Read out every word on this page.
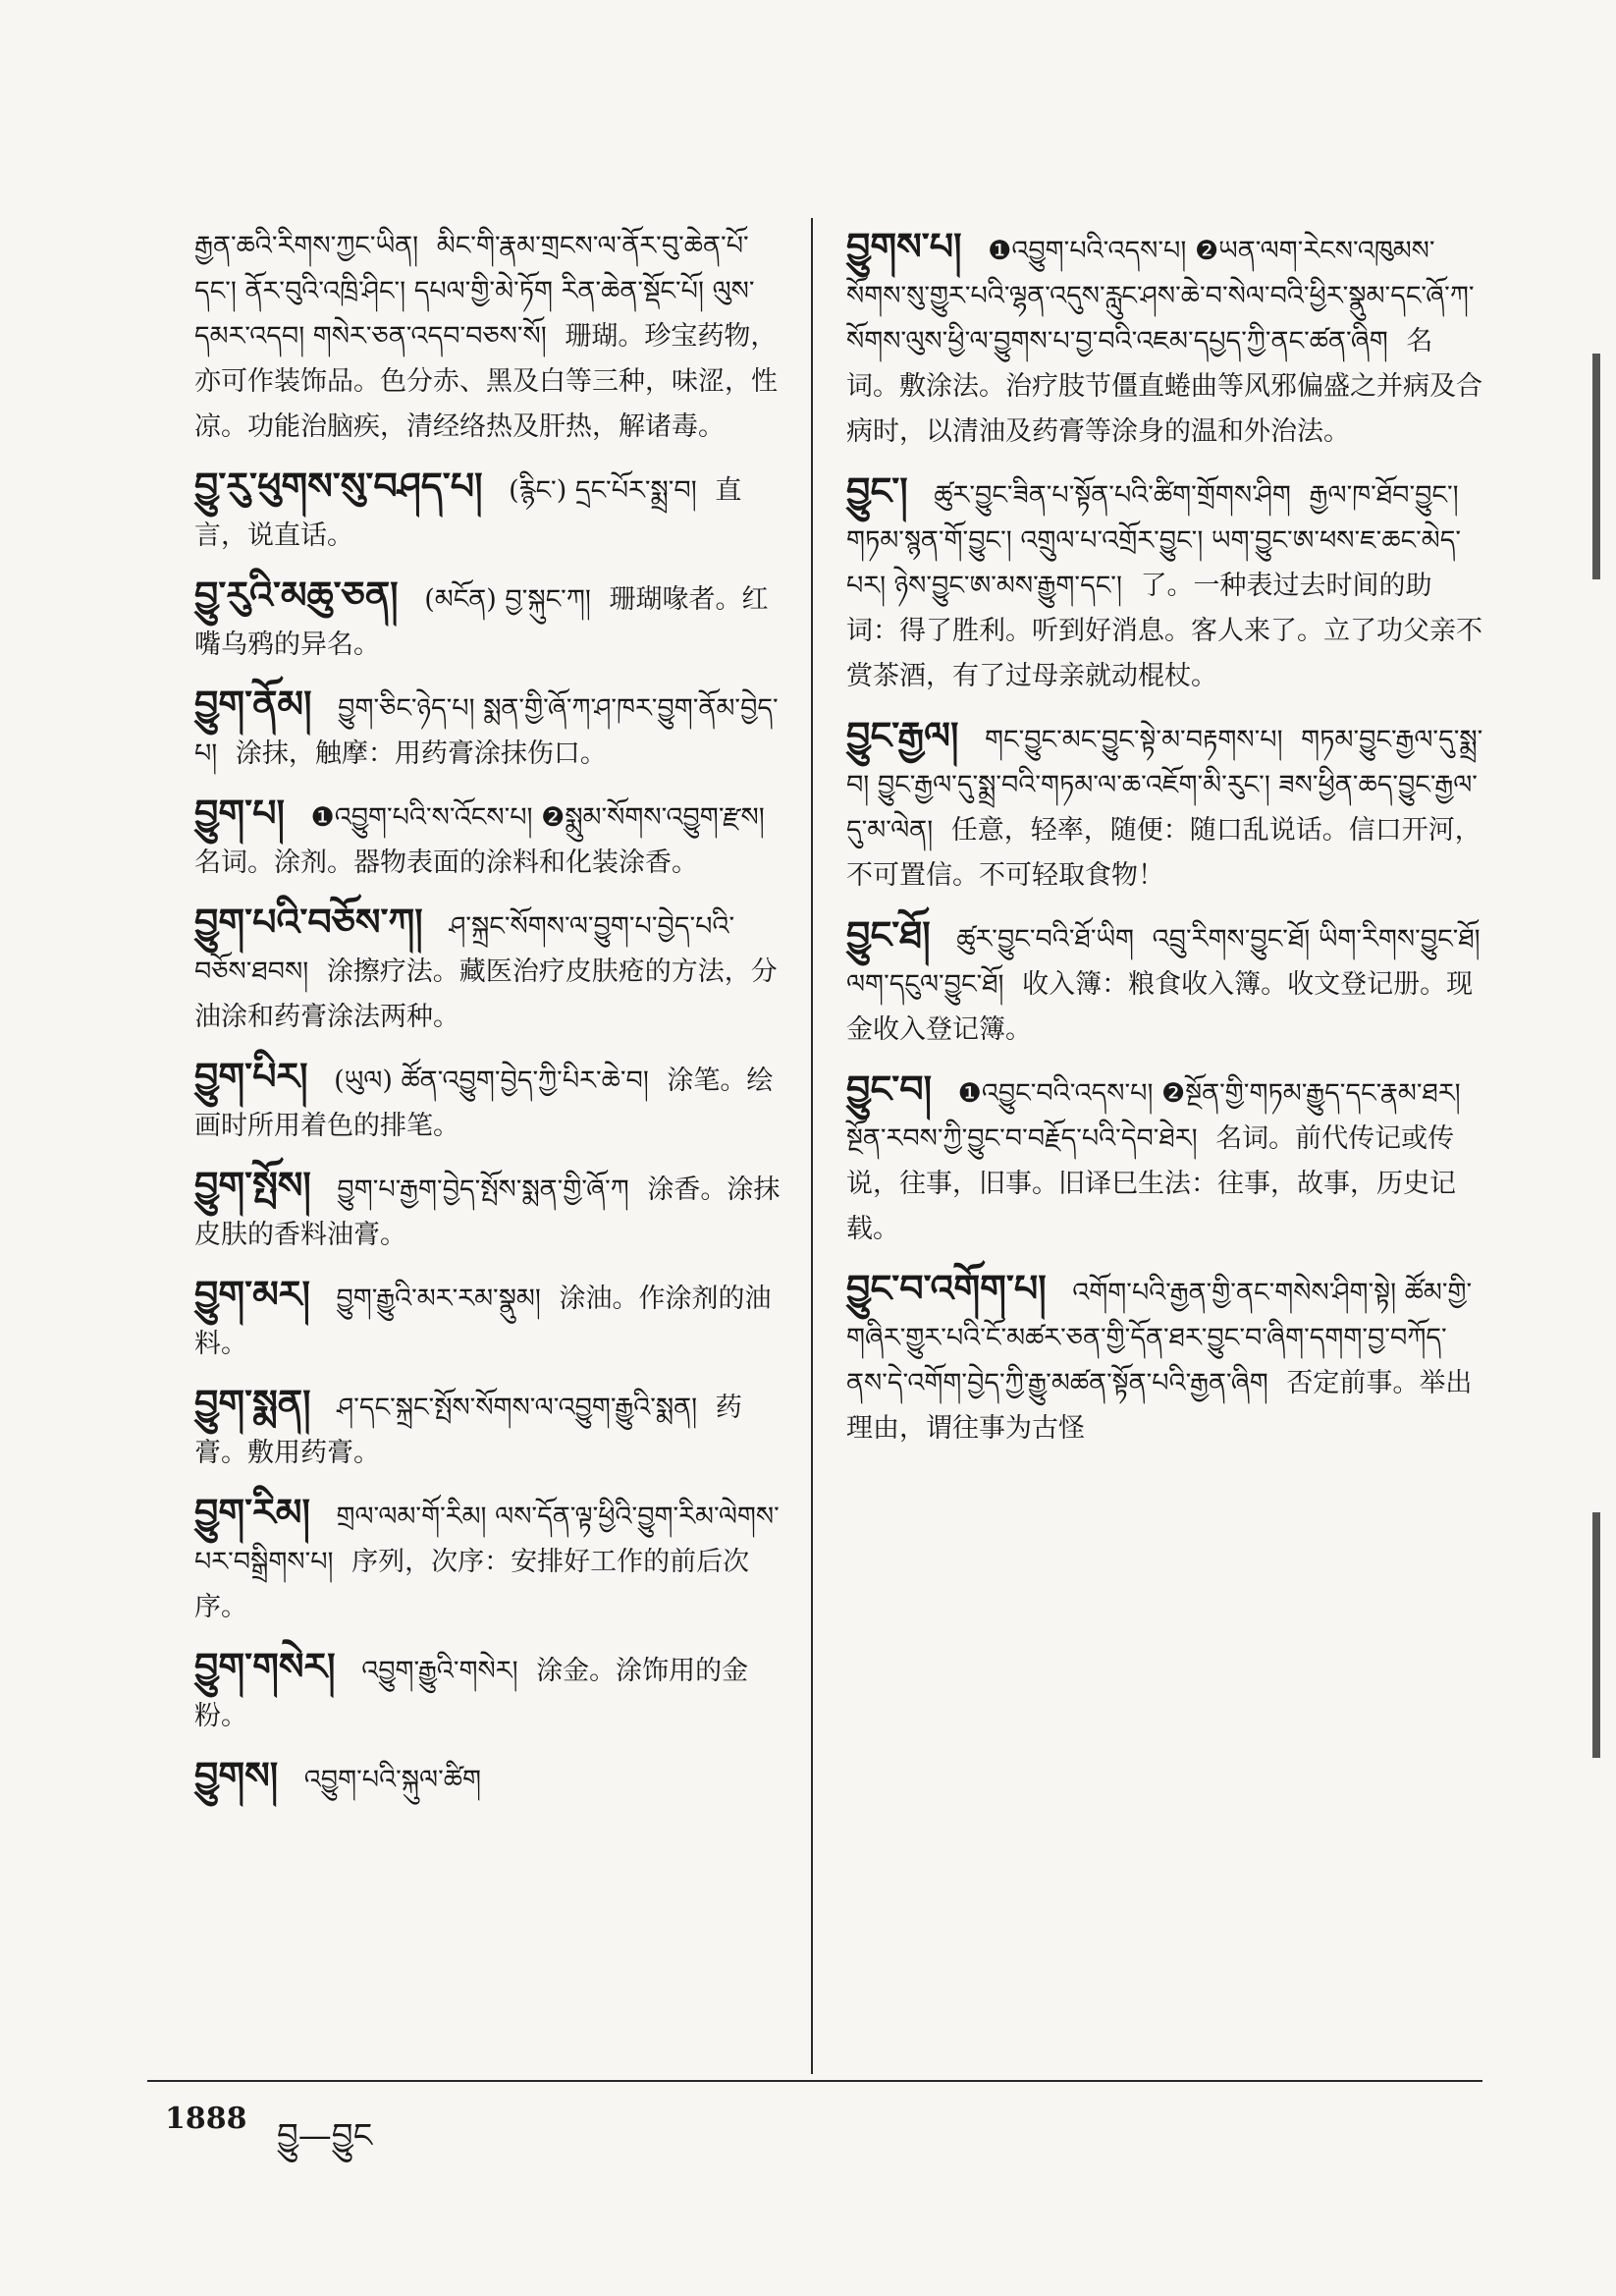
རྒྱན་ཆའི་རིགས་ཀྱང་ཡིན། མིང་གི་རྣམ་གྲངས་ལ་ནོར་བུ་ཆེན་པོ་དང་། ནོར་བུའི་འཁྲི་ཤིང་། དཔལ་གྱི་མེ་ཏོག རིན་ཆེན་སྡོང་པོ། ལུས་དམར་འདབ། གསེར་ཅན་འདབ་བཅས་སོ། 珊瑚。珍宝药物，亦可作装饰品。色分赤、黑及白等三种，味涩，性凉。功能治脑疾，清经络热及肝热，解诸毒。
བྱུ་རུ་ཕུགས་སུ་བཤད་པ། (རྙིང་) དྲང་པོར་སྨྲ་བ། 直言，说直话。
བྱུ་རུའི་མཆུ་ཅན། (མངོན) བྱ་སྐུང་ཀ། 珊瑚喙者。红嘴乌鸦的异名。
བྱུག་ནོམ། བྱུག་ཅིང་ཉེད་པ། སྨན་གྱི་ཞོ་ཀ་ཤ་ཁར་བྱུག་ནོམ་བྱེད་པ། 涂抹，触摩：用药膏涂抹伤口。
བྱུག་པ། ❶འབྱུག་པའི་ས་འོངས་པ། ❷སྨུམ་སོགས་འབྱུག་རྫས། 名词。涂剂。器物表面的涂料和化装涂香。
བྱུག་པའི་བཅོས་ཀ། ཤ་སྐྲང་སོགས་ལ་བྱུག་པ་བྱེད་པའི་བཅོས་ཐབས། 涂擦疗法。藏医治疗皮肤疮的方法，分油涂和药膏涂法两种。
བྱུག་པིར། (ཡུལ) ཚོན་འབྱུག་བྱེད་ཀྱི་པིར་ཆེ་བ། 涂笔。绘画时所用着色的排笔。
བྱུག་སྤོས། བྱུག་པ་རྒྱག་བྱེད་སྤོས་སྨན་གྱི་ཞོ་ཀ 涂香。涂抹皮肤的香料油膏。
བྱུག་མར། བྱུག་རྒྱུའི་མར་རམ་སྣུམ། 涂油。作涂剂的油料。
བྱུག་སྨན། ཤ་དང་སྐྲང་སྤོས་སོགས་ལ་འབྱུག་རྒྱུའི་སྨན། 药膏。敷用药膏。
བྱུག་རིམ། གྲལ་ལམ་གོ་རིམ། ལས་དོན་ལྟ་ཕྱིའི་བྱུག་རིམ་ལེགས་པར་བསྒྲིགས་པ། 序列，次序：安排好工作的前后次序。
བྱུག་གསེར། འབྱུག་རྒྱུའི་གསེར། 涂金。涂饰用的金粉。
བྱུགས། འབྱུག་པའི་སྐུལ་ཚིག
བྱུགས་པ། ❶འབྱུག་པའི་འདས་པ། ❷ཡན་ལག་རེངས་འཁུམས་སོགས་སུ་གྱུར་པའི་ལྷན་འདུས་རླུང་ཤས་ཆེ་བ་སེལ་བའི་ཕྱིར་སྣུམ་དང་ཞོ་ཀ་སོགས་ལུས་ཕྱི་ལ་བྱུགས་པ་བྱ་བའི་འཇམ་དཔྱད་ཀྱི་ནང་ཚན་ཞིག 名词。敷涂法。治疗肢节僵直蜷曲等风邪偏盛之并病及合病时，以清油及药膏等涂身的温和外治法。
བྱུང་། ཚུར་བྱུང་ཟིན་པ་སྟོན་པའི་ཚིག་གྲོགས་ཤིག རྒྱལ་ཁ་ཐོབ་བྱུང་། གཏམ་སྙན་གོ་བྱུང་། འགྲུལ་པ་འགྲོར་བྱུང་། ཡག་བྱུང་ཨ་ཕས་ཇ་ཆང་མེད་པར། ཉེས་བྱུང་ཨ་མས་རྒྱུག་དང་། 了。一种表过去时间的助词：得了胜利。听到好消息。客人来了。立了功父亲不赏茶酒，有了过母亲就动棍杖。
བྱུང་རྒྱལ། གང་བྱུང་མང་བྱུང་སྟེ་མ་བརྟགས་པ། གཏམ་བྱུང་རྒྱལ་དུ་སྨྲ་བ། བྱུང་རྒྱལ་དུ་སྨྲ་བའི་གཏམ་ལ་ཆ་འཇོག་མི་རུང་། ཟས་ཕྱིན་ཆད་བྱུང་རྒྱལ་དུ་མ་ལེན། 任意，轻率，随便：随口乱说话。信口开河，不可置信。不可轻取食物！
བྱུང་ཐོ། ཚུར་བྱུང་བའི་ཐོ་ཡིག འབྲུ་རིགས་བྱུང་ཐོ། ཡིག་རིགས་བྱུང་ཐོ། ལག་དངུལ་བྱུང་ཐོ། 收入簿：粮食收入簿。收文登记册。现金收入登记簿。
བྱུང་བ། ❶འབྱུང་བའི་འདས་པ། ❷སྔོན་གྱི་གཏམ་རྒྱུད་དང་རྣམ་ཐར། སྔོན་རབས་ཀྱི་བྱུང་བ་བརྗོད་པའི་དེབ་ཐེར། 名词。前代传记或传说，往事，旧事。旧译巳生法：往事，故事，历史记载。
བྱུང་བ་འགོག་པ། འགོག་པའི་རྒྱན་གྱི་ནང་གསེས་ཤིག་སྟེ། ཚོམ་གྱི་གཞིར་གྱུར་པའི་ངོ་མཚར་ཅན་གྱི་དོན་ཐར་བྱུང་བ་ཞིག་དགག་བྱ་བཀོད་ནས་དེ་འགོག་བྱེད་ཀྱི་རྒྱུ་མཚན་སྟོན་པའི་རྒྱན་ཞིག 否定前事。举出理由，谓往事为古怪
1888 བྱུ—བྱུང
